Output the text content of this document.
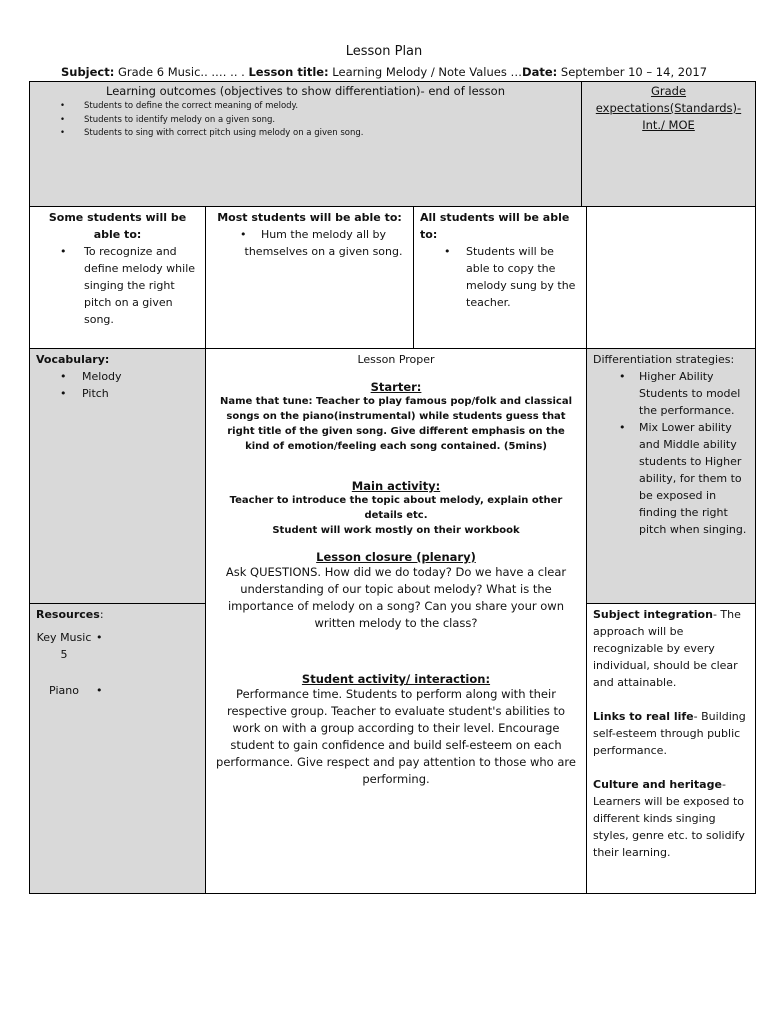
Lesson Plan
Subject: Grade 6 Music.. .… .. . Lesson title: Learning Melody / Note Values …Date: September 10 – 14, 2017
Learning outcomes (objectives to show differentiation)- end of lesson
• Students to define the correct meaning of melody.
• Students to identify melody on a given song.
• Students to sing with correct pitch using melody on a given song.
Grade
expectations(Standards)-
Int./ MOE
Some students will be able to:
• To recognize and define melody while singing the right pitch on a given song.
Most students will be able to:
• Hum the melody all by themselves on a given song.
All students will be able to:
• Students will be able to copy the melody sung by the teacher.
Vocabulary:
• Melody
• Pitch
Resources:
Key Music 5
•
Piano	•
Lesson Proper
Starter:
Name that tune: Teacher to play famous pop/folk and classical songs on the piano(instrumental) while students guess that right title of the given song. Give different emphasis on the kind of emotion/feeling each song contained. (5mins)
Main activity:
Teacher to introduce the topic about melody, explain other details etc.
Student will work mostly on their workbook
Lesson closure (plenary)
Ask QUESTIONS. How did we do today? Do we have a clear understanding of our topic about melody? What is the importance of melody on a song? Can you share your own written melody to the class?
Student activity/ interaction:
Performance time. Students to perform along with their respective group. Teacher to evaluate student's abilities to work on with a group according to their level. Encourage student to gain confidence and build self-esteem on each performance. Give respect and pay attention to those who are performing.
Differentiation strategies:
• Higher Ability Students to model the performance.
• Mix Lower ability and Middle ability students to Higher ability, for them to be exposed in finding the right pitch when singing.

Subject integration- The approach will be recognizable by every individual, should be clear and attainable.

Links to real life- Building self-esteem through public performance.

Culture and heritage- Learners will be exposed to different kinds singing styles, genre etc. to solidify their learning.
